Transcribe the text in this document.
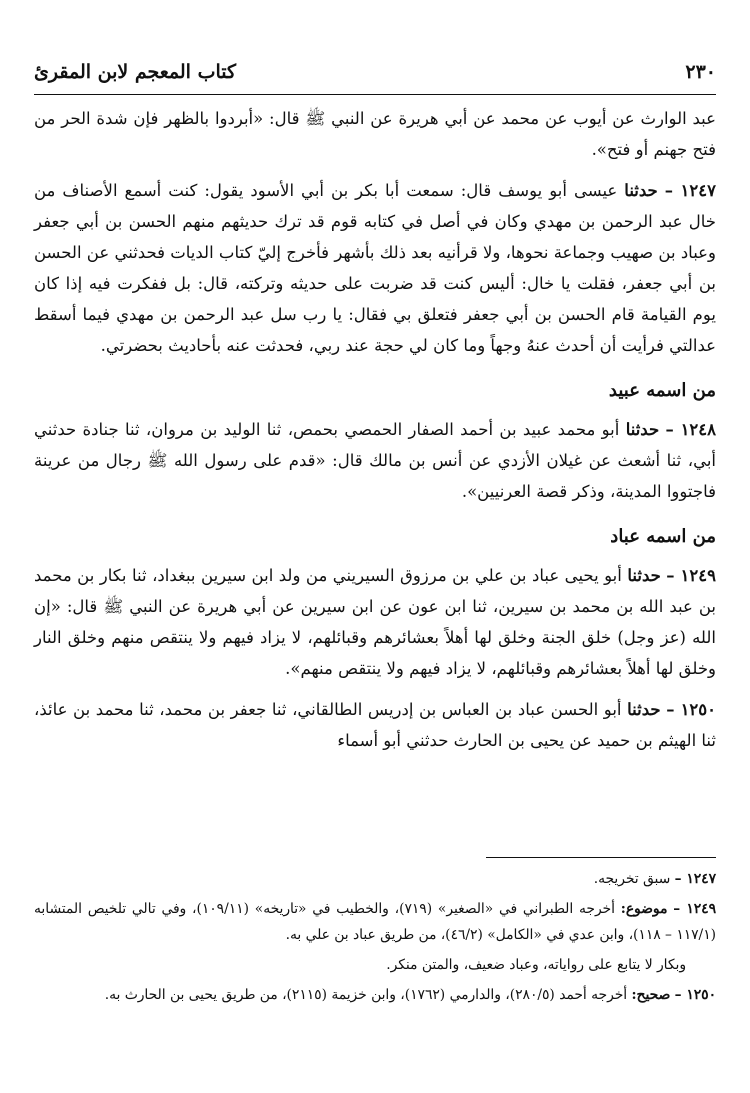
٢٣٠
كتاب المعجم لابن المقرئ

عبد الوارث عن أيوب عن محمد عن أبي هريرة عن النبي ﷺ قال: «أبردوا بالظهر فإن شدة الحر من فتح جهنم أو فتح».

١٢٤٧ – حدثنا عيسى أبو يوسف قال: سمعت أبا بكر بن أبي الأسود يقول: كنت أسمع الأصناف من خال عبد الرحمن بن مهدي وكان في أصل في كتابه قوم قد ترك حديثهم منهم الحسن بن أبي جعفر وعباد بن صهيب وجماعة نحوها، ولا قرأنيه بعد ذلك بأشهر فأخرج إليّ كتاب الديات فحدثني عن الحسن بن أبي جعفر، فقلت يا خال: أليس كنت قد ضربت على حديثه وتركته، قال: بل ففكرت فيه إذا كان يوم القيامة قام الحسن بن أبي جعفر فتعلق بي فقال: يا رب سل عبد الرحمن بن مهدي فيما أسقط عدالتي فرأيت أن أحدث عنهُ وجهاً وما كان لي حجة عند ربي، فحدثت عنه بأحاديث بحضرتي.

من اسمه عبيد

١٢٤٨ – حدثنا أبو محمد عبيد بن أحمد الصفار الحمصي بحمص، ثنا الوليد بن مروان، ثنا جنادة حدثني أبي، ثنا أشعث عن غيلان الأزدي عن أنس بن مالك قال: «قدم على رسول الله ﷺ رجال من عرينة فاجتووا المدينة، وذكر قصة العرنيين».

من اسمه عباد

١٢٤٩ – حدثنا أبو يحيى عباد بن علي بن مرزوق السيريني من ولد ابن سيرين ببغداد، ثنا بكار بن محمد بن عبد الله بن محمد بن سيرين، ثنا ابن عون عن ابن سيرين عن أبي هريرة عن النبي ﷺ قال: «إن الله (عز وجل) خلق الجنة وخلق لها أهلاً بعشائرهم وقبائلهم، لا يزاد فيهم ولا ينتقص منهم وخلق النار وخلق لها أهلاً بعشائرهم وقبائلهم، لا يزاد فيهم ولا ينتقص منهم».

١٢٥٠ – حدثنا أبو الحسن عباد بن العباس بن إدريس الطالقاني، ثنا جعفر بن محمد، ثنا محمد بن عائذ، ثنا الهيثم بن حميد عن يحيى بن الحارث حدثني أبو أسماء

١٢٤٧ – سبق تخريجه.

١٢٤٩ – موضوع: أخرجه الطبراني في «الصغير» (٧١٩)، والخطيب في «تاريخه» (١٠٩/١١)، وفي تالي تلخيص المتشابه (١١٧/١ – ١١٨)، وابن عدي في «الكامل» (٤٦/٢)، من طريق عباد بن علي به.

وبكار لا يتابع على رواياته، وعباد ضعيف، والمتن منكر.

١٢٥٠ – صحيح: أخرجه أحمد (٢٨٠/٥)، والدارمي (١٧٦٢)، وابن خزيمة (٢١١٥)، من طريق يحيى بن الحارث به.
